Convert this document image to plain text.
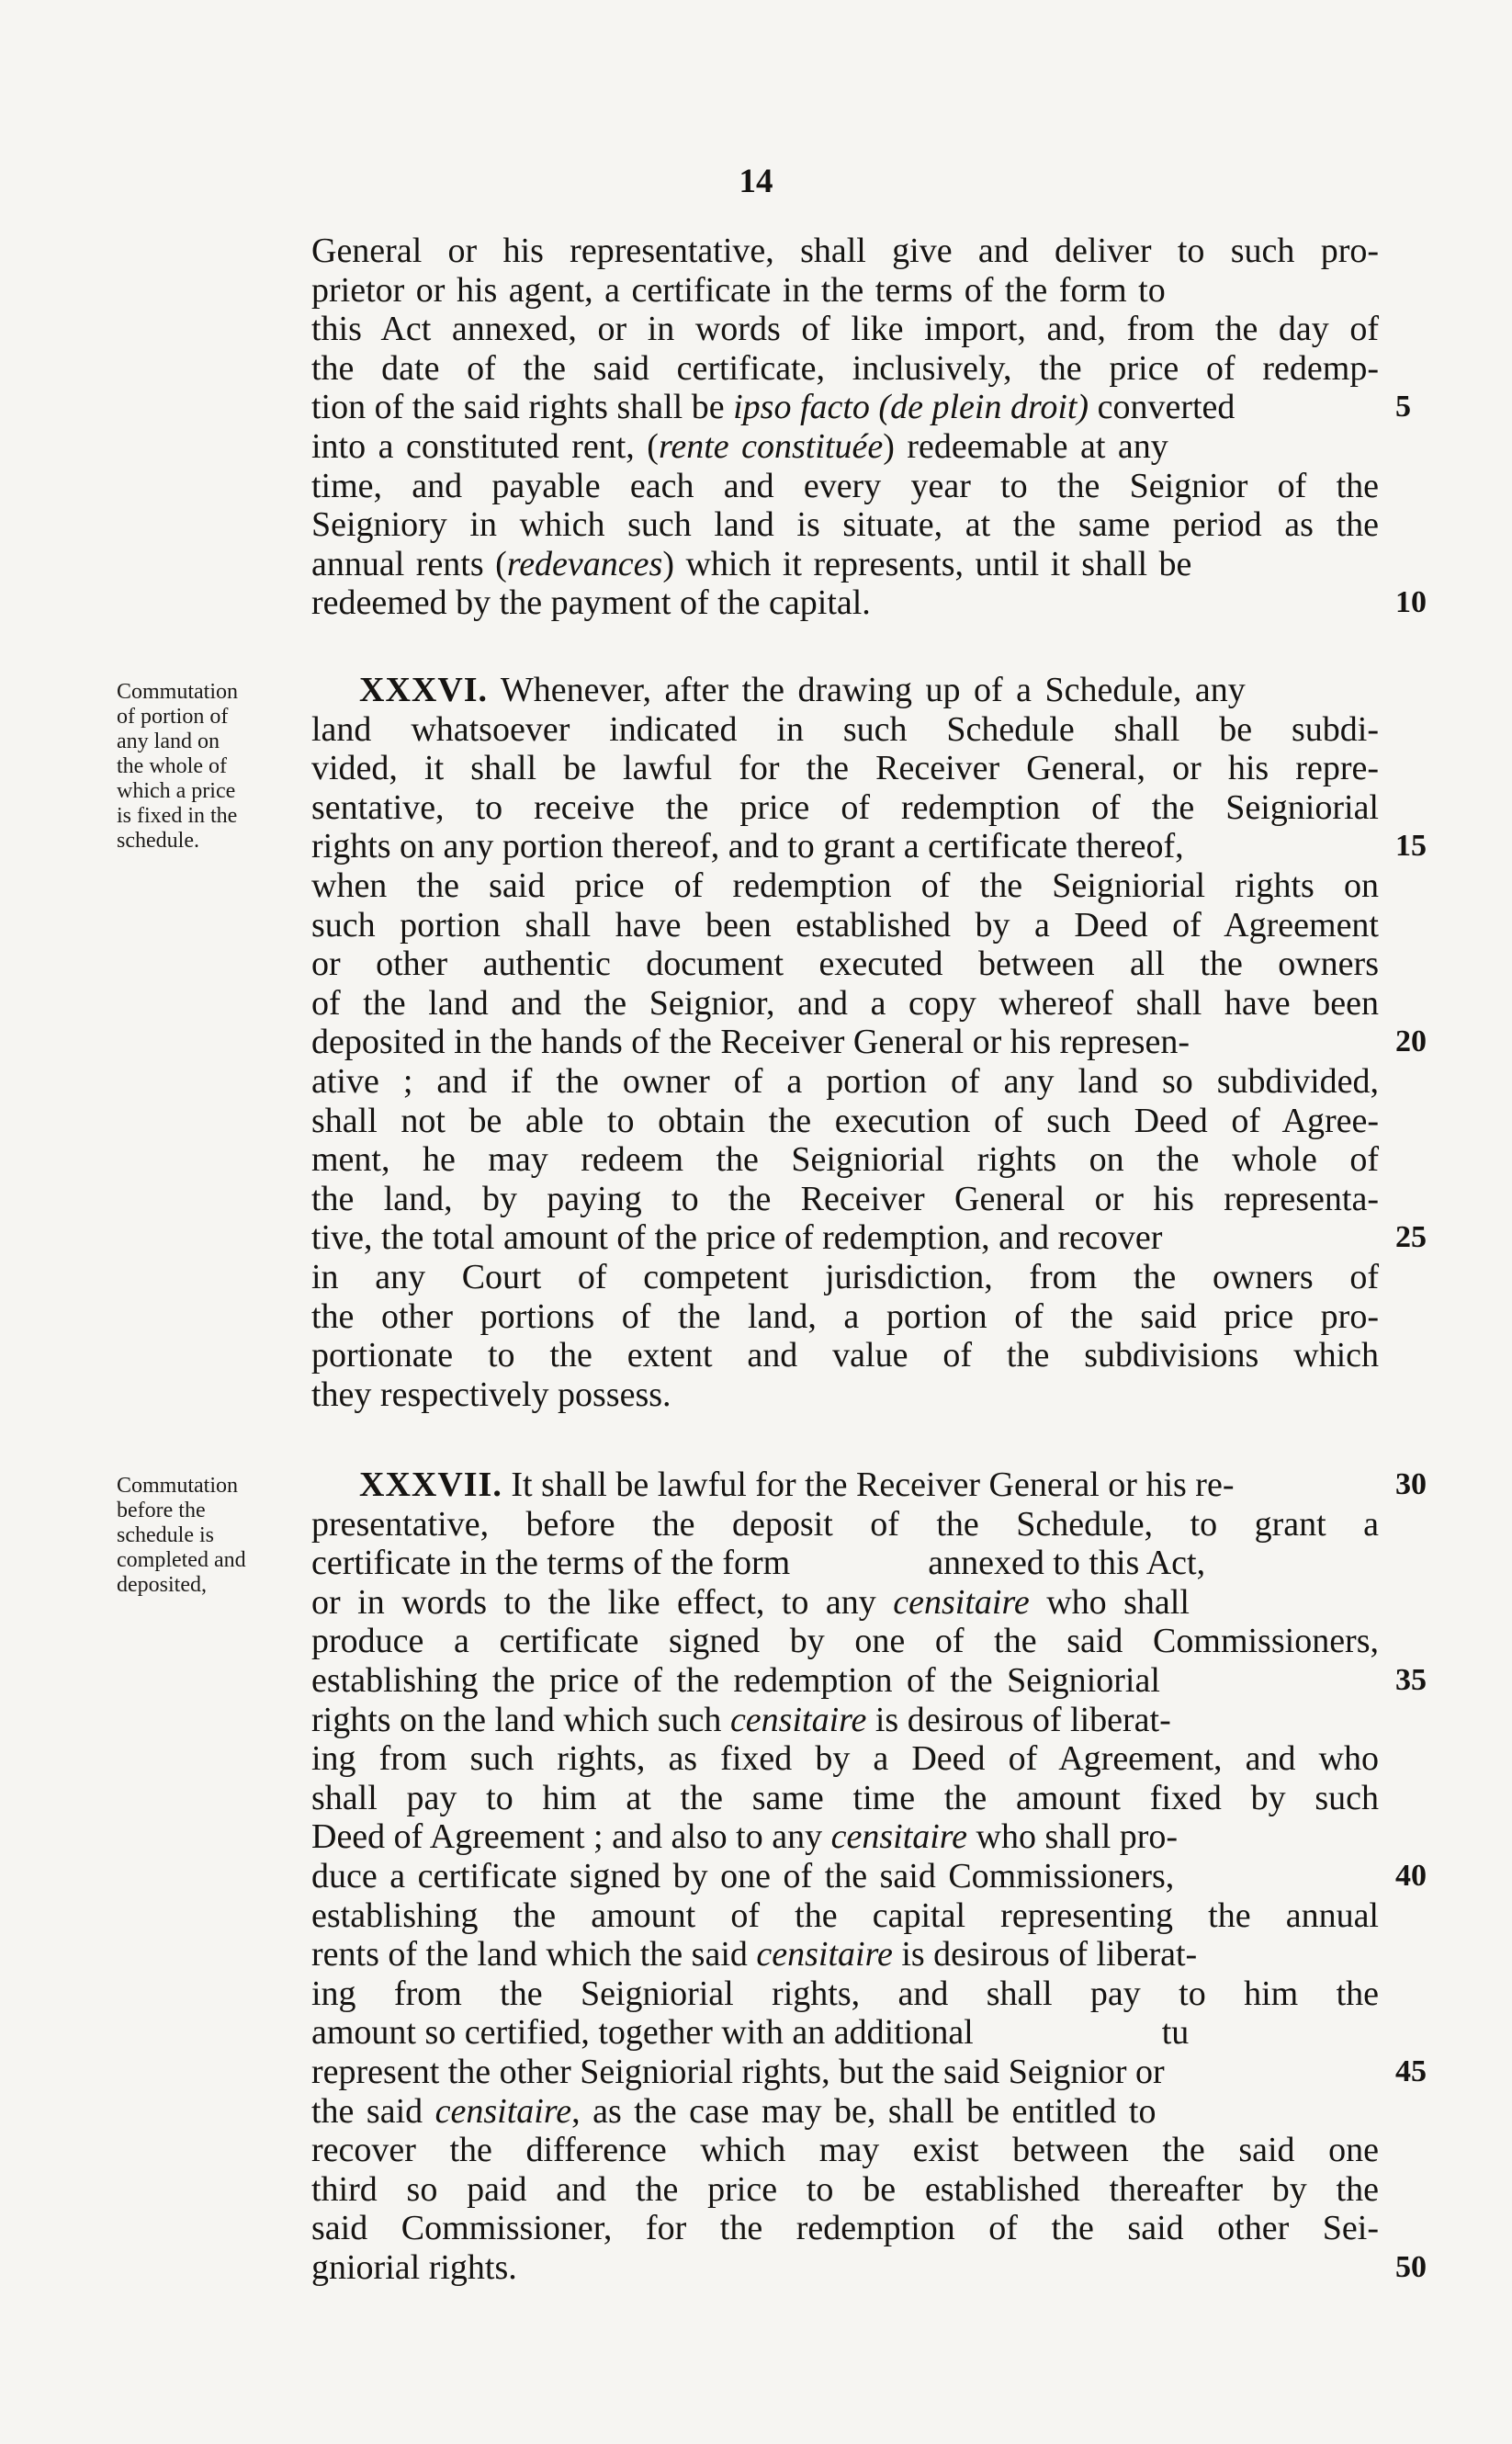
14
General or his representative, shall give and deliver to such pro-
prietor or his agent, a certificate in the terms of the form to
this Act annexed, or in words of like import, and, from the day of
the date of the said certificate, inclusively, the price of redemp-
tion of the said rights shall be ipso facto (de plein droit) converted	5
into a constituted rent, (rente constituée) redeemable at any
time, and payable each and every year to the Seignior of the
Seigniory in which such land is situate, at the same period as the
annual rents (redevances) which it represents, until it shall be
redeemed by the payment of the capital.	10
Commutation
of portion of
any land on
the whole of
which a price
is fixed in the
schedule.
XXXVI. Whenever, after the drawing up of a Schedule, any
land whatsoever indicated in such Schedule shall be subdi-
vided, it shall be lawful for the Receiver General, or his repre-
sentative, to receive the price of redemption of the Seigniorial
rights on any portion thereof, and to grant a certificate thereof,	15
when the said price of redemption of the Seigniorial rights on
such portion shall have been established by a Deed of Agreement
or other authentic document executed between all the owners
of the land and the Seignior, and a copy whereof shall have been
deposited in the hands of the Receiver General or his represen-	20
ative ; and if the owner of a portion of any land so subdivided,
shall not be able to obtain the execution of such Deed of Agree-
ment, he may redeem the Seigniorial rights on the whole of
the land, by paying to the Receiver General or his representa-
tive, the total amount of the price of redemption, and recover	25
in any Court of competent jurisdiction, from the owners of
the other portions of the land, a portion of the said price pro-
portionate to the extent and value of the subdivisions which
they respectively possess.
Commutation
before the
schedule is
completed and
deposited,
XXXVII. It shall be lawful for the Receiver General or his re-	30
presentative, before the deposit of the Schedule, to grant a
certificate in the terms of the form	annexed to this Act,
or in words to the like effect, to any censitaire who shall
produce a certificate signed by one of the said Commissioners,
establishing the price of the redemption of the Seigniorial	35
rights on the land which such censitaire is desirous of liberat-
ing from such rights, as fixed by a Deed of Agreement, and who
shall pay to him at the same time the amount fixed by such
Deed of Agreement ; and also to any censitaire who shall pro-
duce a certificate signed by one of the said Commissioners,	40
establishing the amount of the capital representing the annual
rents of the land which the said censitaire is desirous of liberat-
ing from the Seigniorial rights, and shall pay to him the
amount so certified, together with an additional	tu
represent the other Seigniorial rights, but the said Seignior or	45
the said censitaire, as the case may be, shall be entitled to
recover the difference which may exist between the said one
third so paid and the price to be established thereafter by the
said Commissioner, for the redemption of the said other Sei-
gniorial rights.	50
